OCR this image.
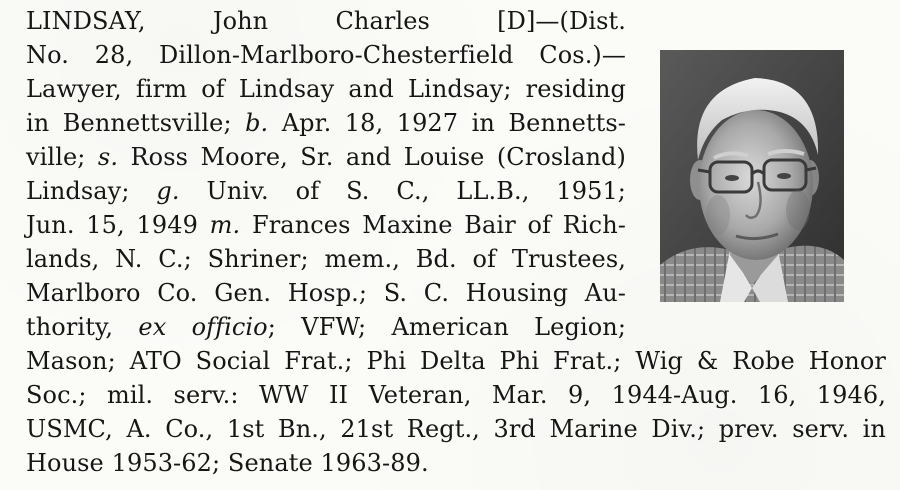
LINDSAY, John Charles [D]—(Dist.
No. 28, Dillon-Marlboro-Chesterfield Cos.)—
Lawyer, firm of Lindsay and Lindsay; residing
in Bennettsville; b. Apr. 18, 1927 in Bennetts-
ville; s. Ross Moore, Sr. and Louise (Crosland)
Lindsay; g. Univ. of S. C., LL.B., 1951;
Jun. 15, 1949 m. Frances Maxine Bair of Rich-
lands, N. C.; Shriner; mem., Bd. of Trustees,
Marlboro Co. Gen. Hosp.; S. C. Housing Au-
thority, ex officio; VFW; American Legion;
Mason; ATO Social Frat.; Phi Delta Phi Frat.; Wig & Robe Honor
Soc.; mil. serv.: WW II Veteran, Mar. 9, 1944-Aug. 16, 1946,
USMC, A. Co., 1st Bn., 21st Regt., 3rd Marine Div.; prev. serv. in
House 1953-62; Senate 1963-89.
